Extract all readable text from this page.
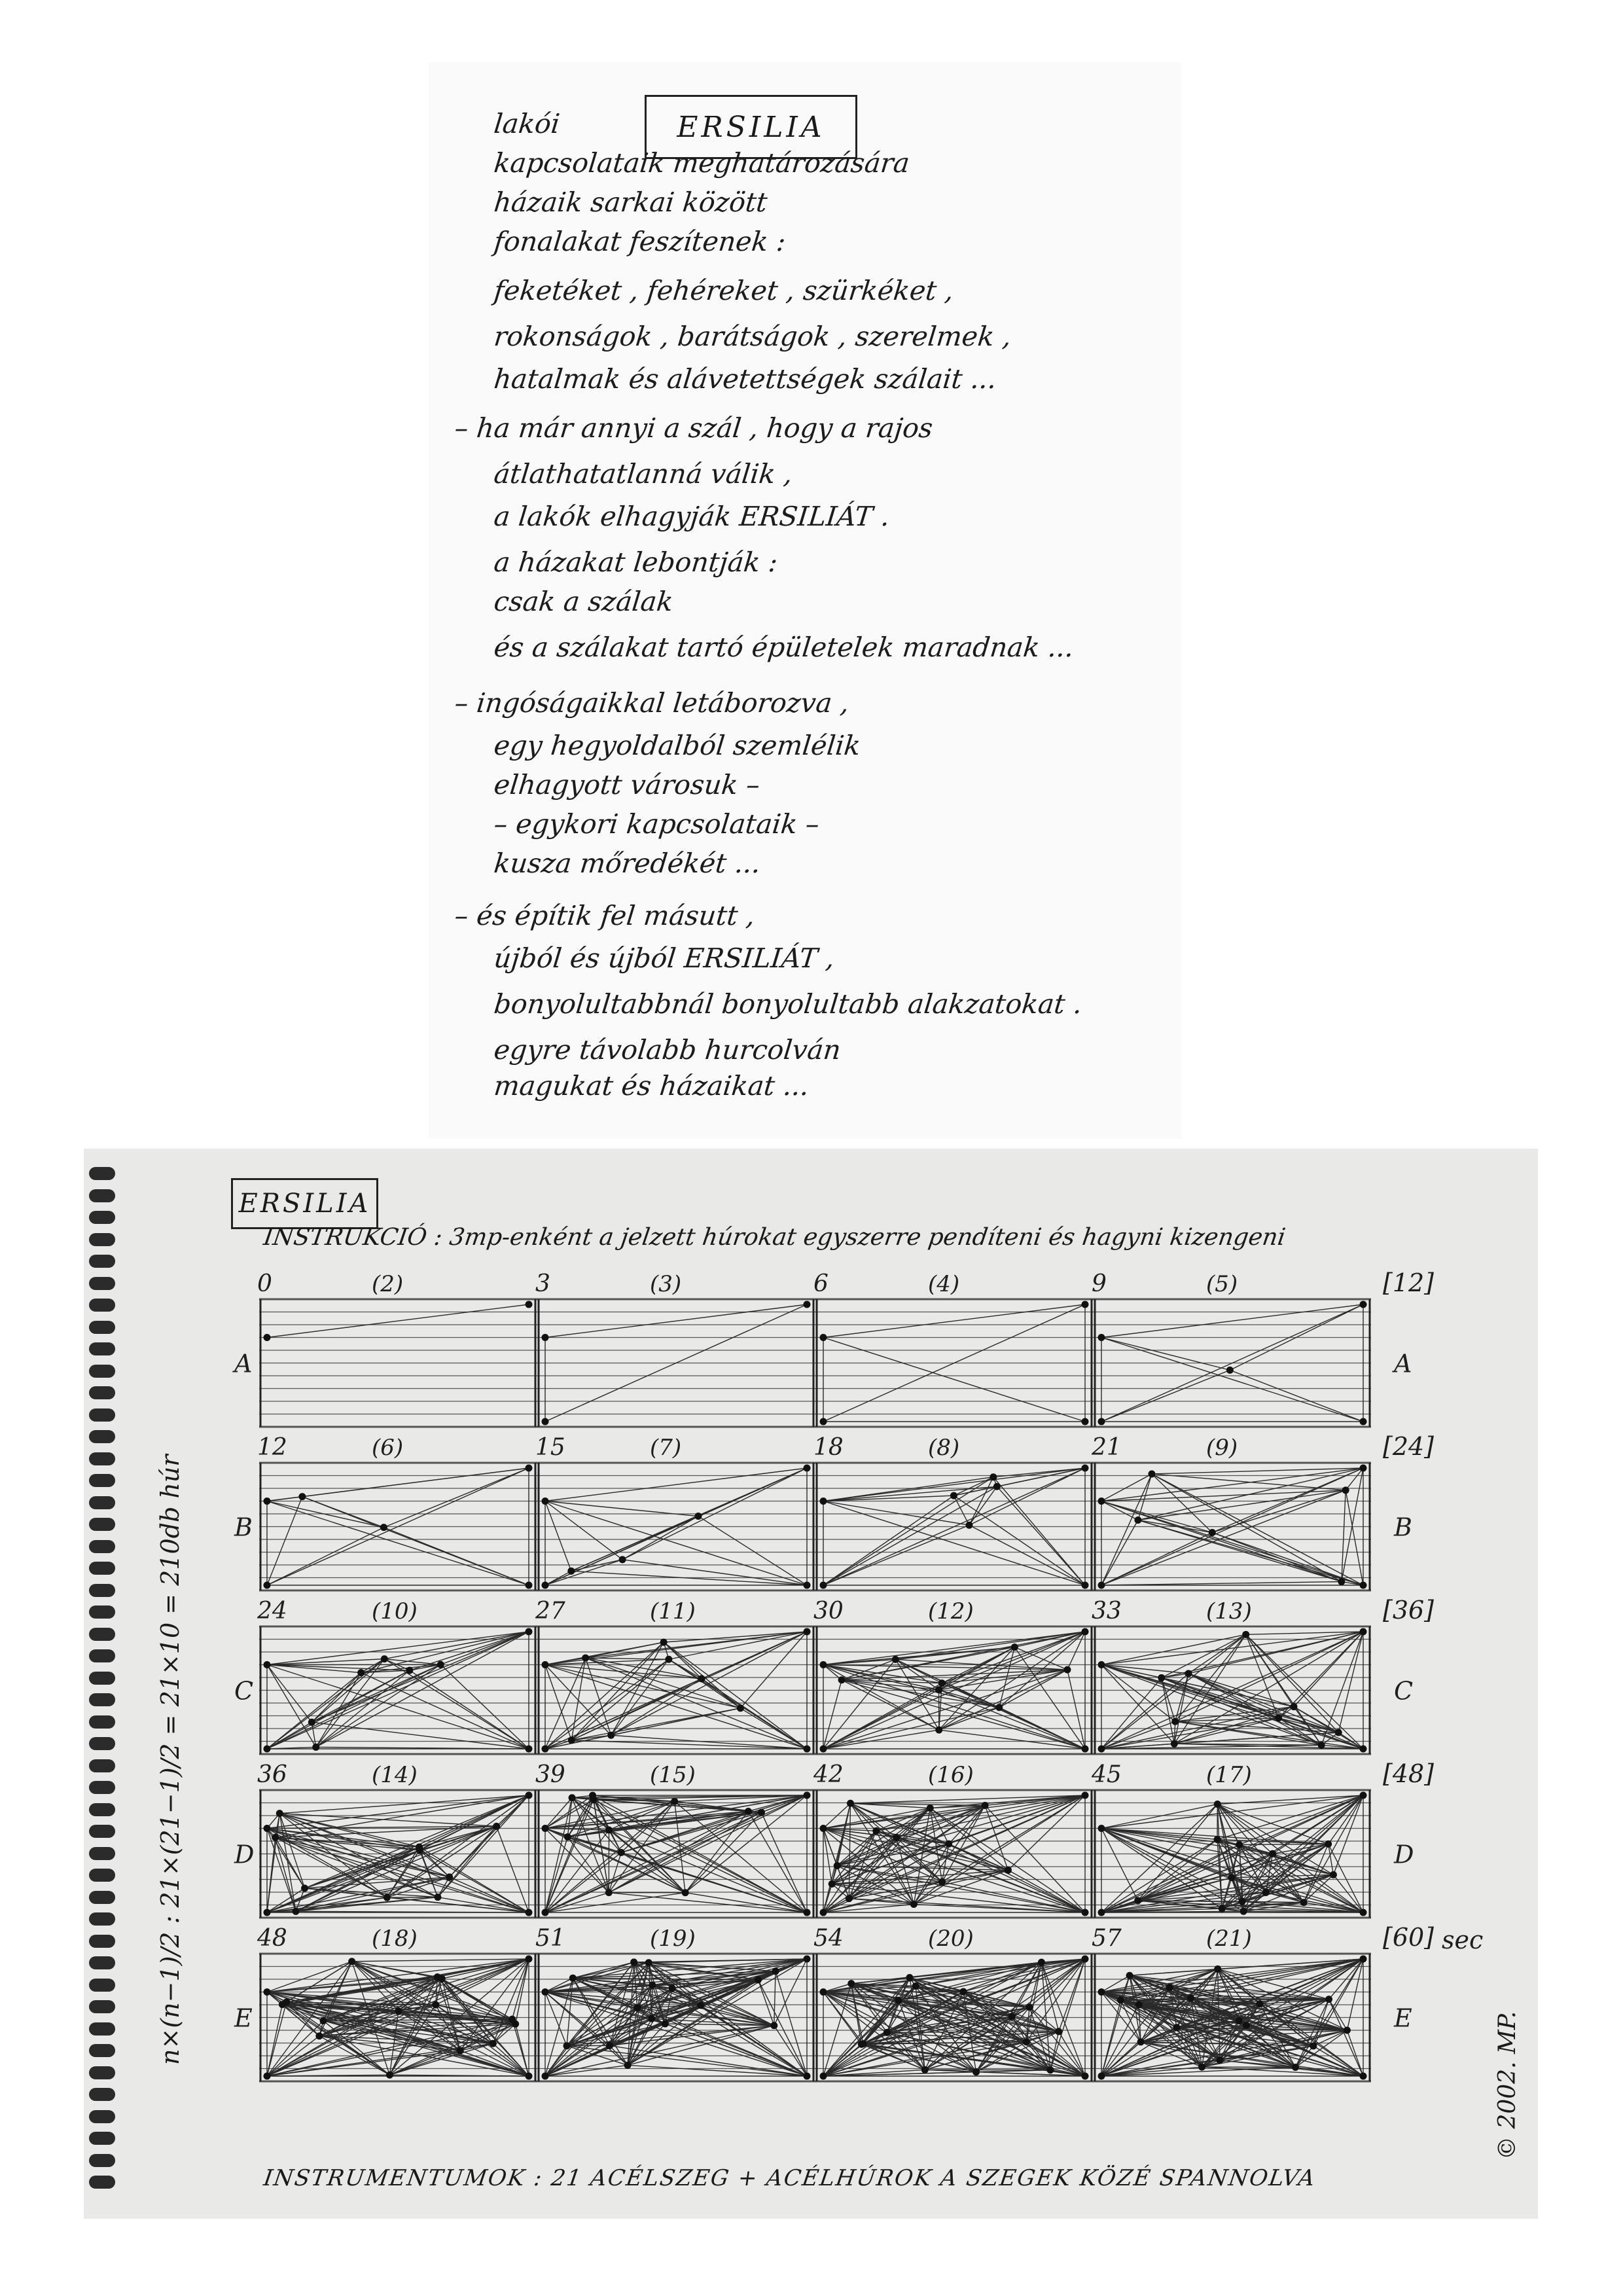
ERSILIA
lakói
kapcsolataik meghatározására
házaik sarkai között
fonalakat feszítenek :
feketéket , fehéreket , szürkéket ,
rokonságok , barátságok , szerelmek ,
hatalmak és alávetettségek szálait ...
– ha már annyi a szál , hogy a rajos
átlathatatlanná válik ,
a lakók elhagyják ERSILIÁT .
a házakat lebontják :
csak a szálak
és a szálakat tartó épületelek maradnak ...
– ingóságaikkal letáborozva ,
egy hegyoldalból szemlélik
elhagyott városuk –
– egykori kapcsolataik –
kusza mőredékét ...
– és építik fel másutt ,
újból és újból ERSILIÁT ,
bonyolultabbnál bonyolultabb alakzatokat .
egyre távolabb hurcolván
magukat és házaikat ...
ERSILIA
INSTRUKCIÓ : 3mp-enként a jelzett húrokat egyszerre pendíteni és hagyni kizengeni
A	A
[12]
0	(2)	3	(3)	6	(4)	9	(5)
B	B
[24]
12	(6)	15	(7)	18	(8)	21	(9)
C	C
[36]
24	(10)	27	(11)	30	(12)	33	(13)
D	D
[48]
36	(14)	39	(15)	42	(16)	45	(17)
E	E
[60] sec
48	(18)	51	(19)	54	(20)	57	(21)
n×(n−1)/2 : 21×(21−1)/2 = 21×10 = 210db húr
© 2002. MP.
INSTRUMENTUMOK : 21 ACÉLSZEG + ACÉLHÚROK A SZEGEK KÖZÉ SPANNOLVA
